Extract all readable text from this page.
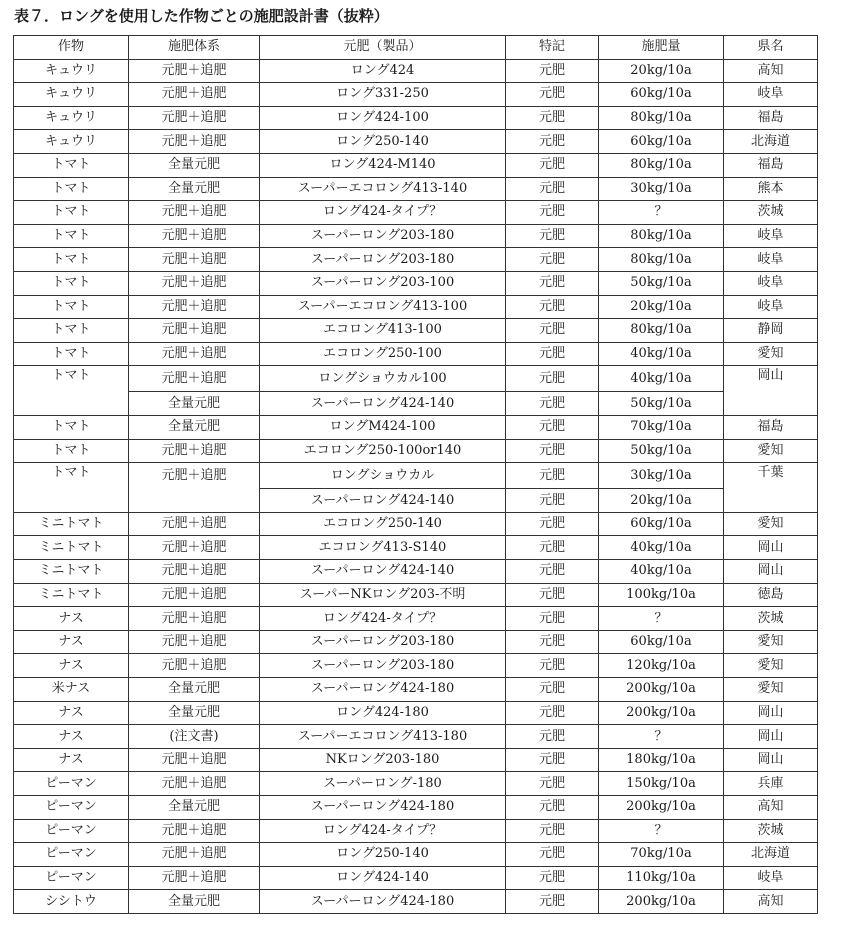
表７．ロングを使用した作物ごとの施肥設計書（抜粋）
作物	施肥体系	元肥（製品）	特記	施肥量	県名
キュウリ	元肥＋追肥	ロング424	元肥	20kg/10a	高知
キュウリ	元肥＋追肥	ロング331-250	元肥	60kg/10a	岐阜
キュウリ	元肥＋追肥	ロング424-100	元肥	80kg/10a	福島
キュウリ	元肥＋追肥	ロング250-140	元肥	60kg/10a	北海道
トマト	全量元肥	ロング424-M140	元肥	80kg/10a	福島
トマト	全量元肥	スーパーエコロング413-140	元肥	30kg/10a	熊本
トマト	元肥＋追肥	ロング424-タイプ？	元肥	？	茨城
トマト	元肥＋追肥	スーパーロング203-180	元肥	80kg/10a	岐阜
トマト	元肥＋追肥	スーパーロング203-180	元肥	80kg/10a	岐阜
トマト	元肥＋追肥	スーパーロング203-100	元肥	50kg/10a	岐阜
トマト	元肥＋追肥	スーパーエコロング413-100	元肥	20kg/10a	岐阜
トマト	元肥＋追肥	エコロング413-100	元肥	80kg/10a	静岡
トマト	元肥＋追肥	エコロング250-100	元肥	40kg/10a	愛知
トマト	元肥＋追肥	ロングショウカル100	元肥	40kg/10a	岡山
	全量元肥	スーパーロング424-140	元肥	50kg/10a	
トマト	全量元肥	ロングM424-100	元肥	70kg/10a	福島
トマト	元肥＋追肥	エコロング250-100or140	元肥	50kg/10a	愛知
トマト	元肥＋追肥	ロングショウカル	元肥	30kg/10a	千葉
		スーパーロング424-140	元肥	20kg/10a	
ミニトマト	元肥＋追肥	エコロング250-140	元肥	60kg/10a	愛知
ミニトマト	元肥＋追肥	エコロング413-S140	元肥	40kg/10a	岡山
ミニトマト	元肥＋追肥	スーパーロング424-140	元肥	40kg/10a	岡山
ミニトマト	元肥＋追肥	スーパーNKロング203-不明	元肥	100kg/10a	徳島
ナス	元肥＋追肥	ロング424-タイプ？	元肥	？	茨城
ナス	元肥＋追肥	スーパーロング203-180	元肥	60kg/10a	愛知
ナス	元肥＋追肥	スーパーロング203-180	元肥	120kg/10a	愛知
米ナス	全量元肥	スーパーロング424-180	元肥	200kg/10a	愛知
ナス	全量元肥	ロング424-180	元肥	200kg/10a	岡山
ナス	(注文書)	スーパーエコロング413-180	元肥	？	岡山
ナス	元肥＋追肥	NKロング203-180	元肥	180kg/10a	岡山
ピーマン	元肥＋追肥	スーパーロング-180	元肥	150kg/10a	兵庫
ピーマン	全量元肥	スーパーロング424-180	元肥	200kg/10a	高知
ピーマン	元肥＋追肥	ロング424-タイプ？	元肥	？	茨城
ピーマン	元肥＋追肥	ロング250-140	元肥	70kg/10a	北海道
ピーマン	元肥＋追肥	ロング424-140	元肥	110kg/10a	岐阜
シシトウ	全量元肥	スーパーロング424-180	元肥	200kg/10a	高知
